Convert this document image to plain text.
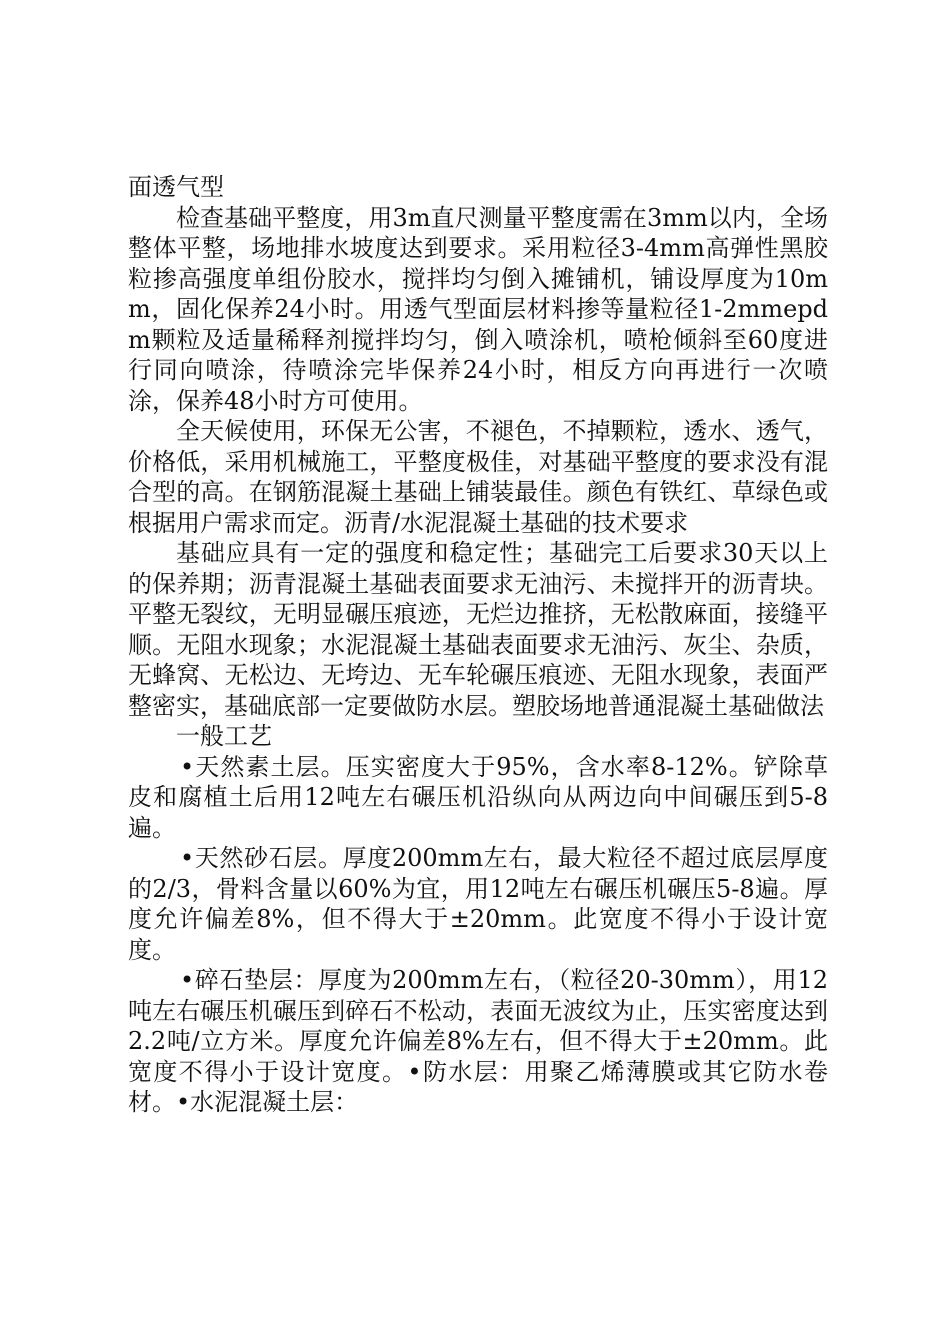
面透气型

检查基础平整度，用3m直尺测量平整度需在3mm以内，全场整体平整，场地排水坡度达到要求。采用粒径3-4mm高弹性黑胶粒掺高强度单组份胶水，搅拌均匀倒入摊铺机，铺设厚度为10mm，固化保养24小时。用透气型面层材料掺等量粒径1-2mmepdm颗粒及适量稀释剂搅拌均匀，倒入喷涂机，喷枪倾斜至60度进行同向喷涂，待喷涂完毕保养24小时，相反方向再进行一次喷涂，保养48小时方可使用。

全天候使用，环保无公害，不褪色，不掉颗粒，透水、透气，价格低，采用机械施工，平整度极佳，对基础平整度的要求没有混合型的高。在钢筋混凝土基础上铺装最佳。颜色有铁红、草绿色或根据用户需求而定。沥青/水泥混凝土基础的技术要求

基础应具有一定的强度和稳定性；基础完工后要求30天以上的保养期；沥青混凝土基础表面要求无油污、未搅拌开的沥青块。平整无裂纹，无明显碾压痕迹，无烂边推挤，无松散麻面，接缝平顺。无阻水现象；水泥混凝土基础表面要求无油污、灰尘、杂质，无蜂窝、无松边、无垮边、无车轮碾压痕迹、无阻水现象，表面严整密实，基础底部一定要做防水层。塑胶场地普通混凝土基础做法

一般工艺

•天然素土层。压实密度大于95%，含水率8-12%。铲除草皮和腐植土后用12吨左右碾压机沿纵向从两边向中间碾压到5-8遍。

•天然砂石层。厚度200mm左右，最大粒径不超过底层厚度的2/3，骨料含量以60%为宜，用12吨左右碾压机碾压5-8遍。厚度允许偏差8%，但不得大于±20mm。此宽度不得小于设计宽度。

•碎石垫层：厚度为200mm左右，（粒径20-30mm），用12吨左右碾压机碾压到碎石不松动，表面无波纹为止，压实密度达到2.2吨/立方米。厚度允许偏差8%左右，但不得大于±20mm。此宽度不得小于设计宽度。•防水层：用聚乙烯薄膜或其它防水卷材。•水泥混凝土层：
